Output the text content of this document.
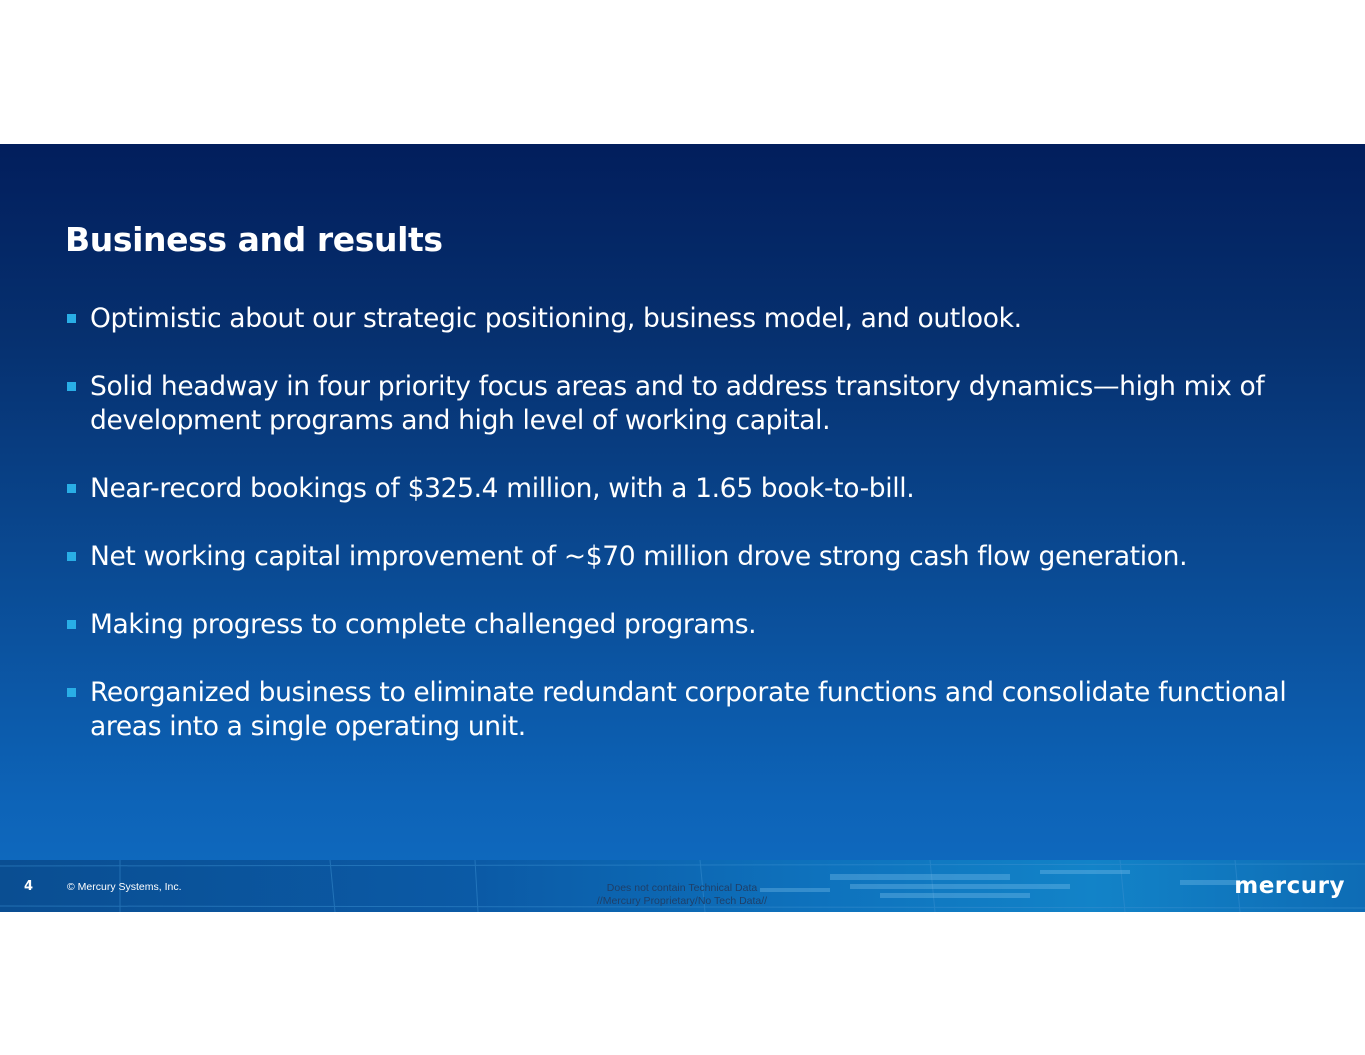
Business and results
Optimistic about our strategic positioning, business model, and outlook.
Solid headway in four priority focus areas and to address transitory dynamics—high mix of development programs and high level of working capital.
Near-record bookings of $325.4 million, with a 1.65 book-to-bill.
Net working capital improvement of ~$70 million drove strong cash flow generation.
Making progress to complete challenged programs.
Reorganized business to eliminate redundant corporate functions and consolidate functional areas into a single operating unit.
4	© Mercury Systems, Inc.	Does not contain Technical Data
//Mercury Proprietary/No Tech Data//
mercury
